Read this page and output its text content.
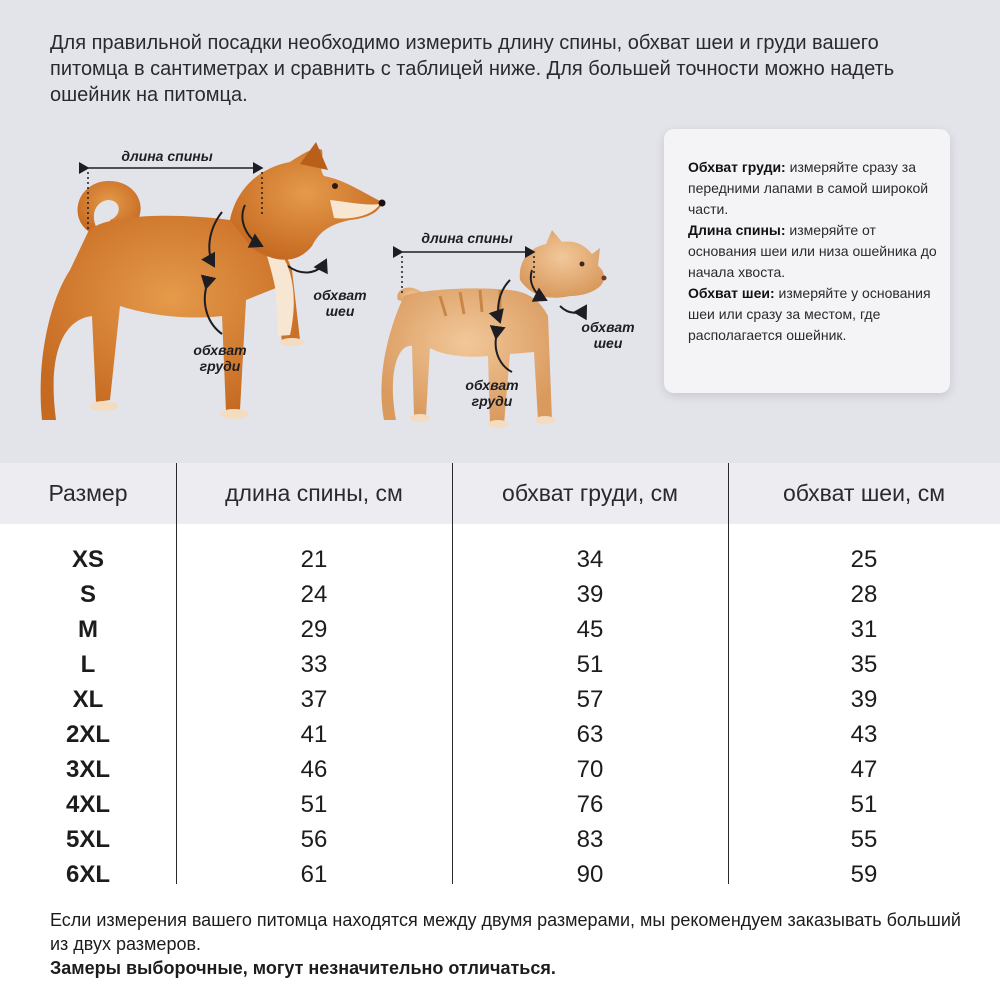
Для правильной посадки необходимо измерить длину спины, обхват шеи и груди вашего питомца в сантиметрах и сравнить с таблицей ниже. Для большей точности можно надеть ошейник на питомца.

длина спины
обхват
шеи
обхват
груди
длина спины
обхват
шеи
обхват
груди
Обхват груди: измеряйте сразу за передними лапами в самой широкой части.
Длина спины: измеряйте от основания шеи или низа ошейника до начала хвоста.
Обхват шеи: измеряйте у основания шеи или сразу за местом, где располагается ошейник.
Размер	длина спины, см	обхват груди, см	обхват шеи, см
XS	21	34	25
S	24	39	28
M	29	45	31
L	33	51	35
XL	37	57	39
2XL	41	63	43
3XL	46	70	47
4XL	51	76	51
5XL	56	83	55
6XL	61	90	59
Если измерения вашего питомца находятся между двумя размерами, мы рекомендуем заказывать больший из двух размеров.
Замеры выборочные, могут незначительно отличаться.
